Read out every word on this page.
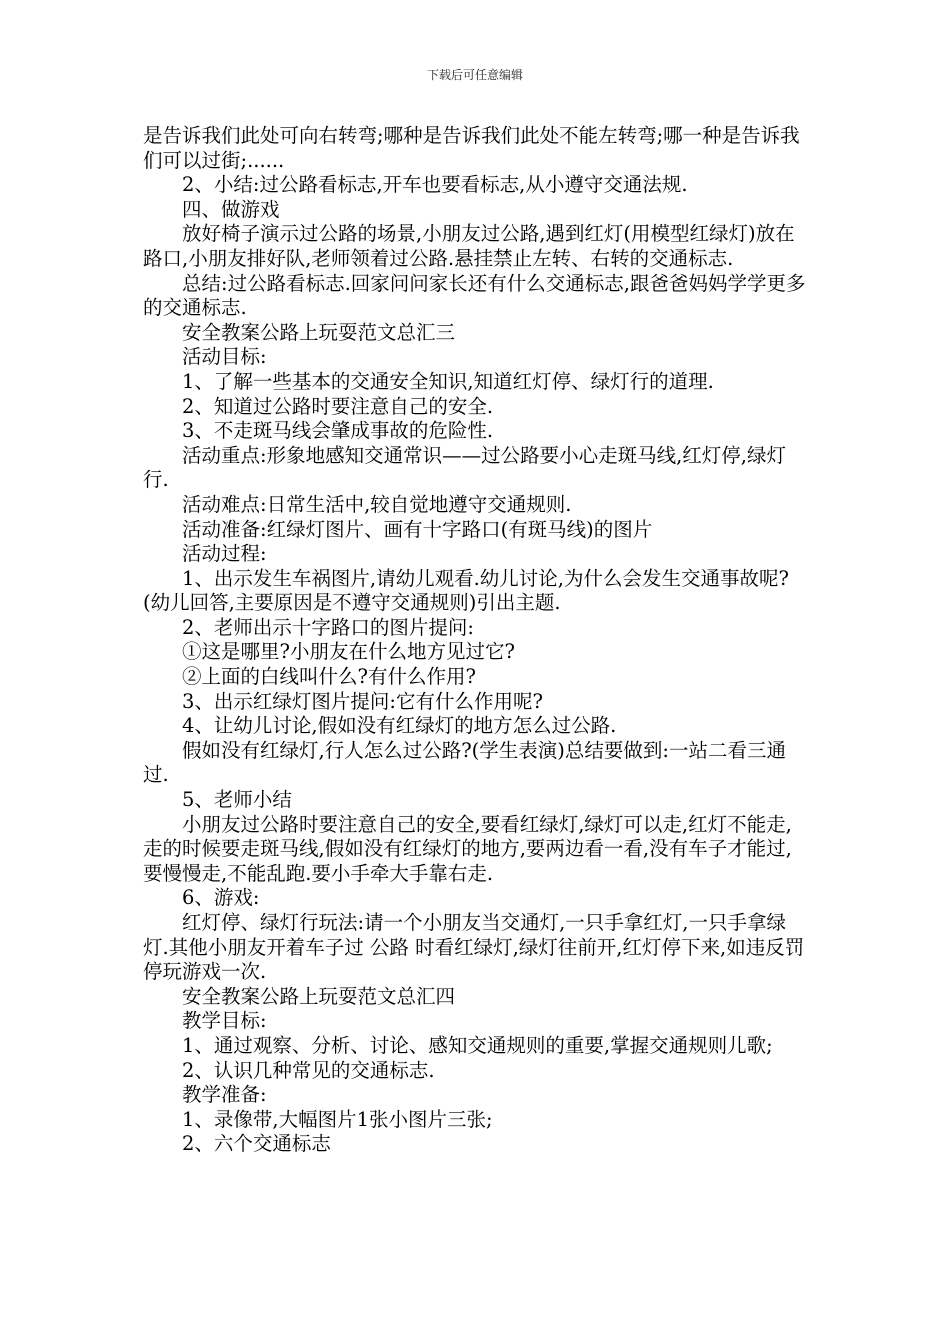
下载后可任意编辑

是告诉我们此处可向右转弯;哪种是告诉我们此处不能左转弯;哪一种是告诉我们可以过街;......

2、小结:过公路看标志,开车也要看标志,从小遵守交通法规.

四、做游戏

放好椅子演示过公路的场景,小朋友过公路,遇到红灯(用模型红绿灯)放在路口,小朋友排好队,老师领着过公路.悬挂禁止左转、右转的交通标志.

总结:过公路看标志.回家问问家长还有什么交通标志,跟爸爸妈妈学学更多的交通标志.

安全教案公路上玩耍范文总汇三

活动目标:

1、了解一些基本的交通安全知识,知道红灯停、绿灯行的道理.

2、知道过公路时要注意自己的安全.

3、不走斑马线会肇成事故的危险性.

活动重点:形象地感知交通常识——过公路要小心走斑马线,红灯停,绿灯行.

活动难点:日常生活中,较自觉地遵守交通规则.

活动准备:红绿灯图片、画有十字路口(有斑马线)的图片

活动过程:

1、出示发生车祸图片,请幼儿观看.幼儿讨论,为什么会发生交通事故呢?(幼儿回答,主要原因是不遵守交通规则)引出主题.

2、老师出示十字路口的图片提问:

①这是哪里?小朋友在什么地方见过它?

②上面的白线叫什么?有什么作用?

3、出示红绿灯图片提问:它有什么作用呢?

4、让幼儿讨论,假如没有红绿灯的地方怎么过公路.

假如没有红绿灯,行人怎么过公路?(学生表演)总结要做到:一站二看三通过.

5、老师小结

小朋友过公路时要注意自己的安全,要看红绿灯,绿灯可以走,红灯不能走,走的时候要走斑马线,假如没有红绿灯的地方,要两边看一看,没有车子才能过,要慢慢走,不能乱跑.要小手牵大手靠右走.

6、游戏:

红灯停、绿灯行玩法:请一个小朋友当交通灯,一只手拿红灯,一只手拿绿灯.其他小朋友开着车子过 公路 时看红绿灯,绿灯往前开,红灯停下来,如违反罚停玩游戏一次.

安全教案公路上玩耍范文总汇四

教学目标:

1、通过观察、分析、讨论、感知交通规则的重要,掌握交通规则儿歌;

2、认识几种常见的交通标志.

教学准备:

1、录像带,大幅图片1张小图片三张;

2、六个交通标志
